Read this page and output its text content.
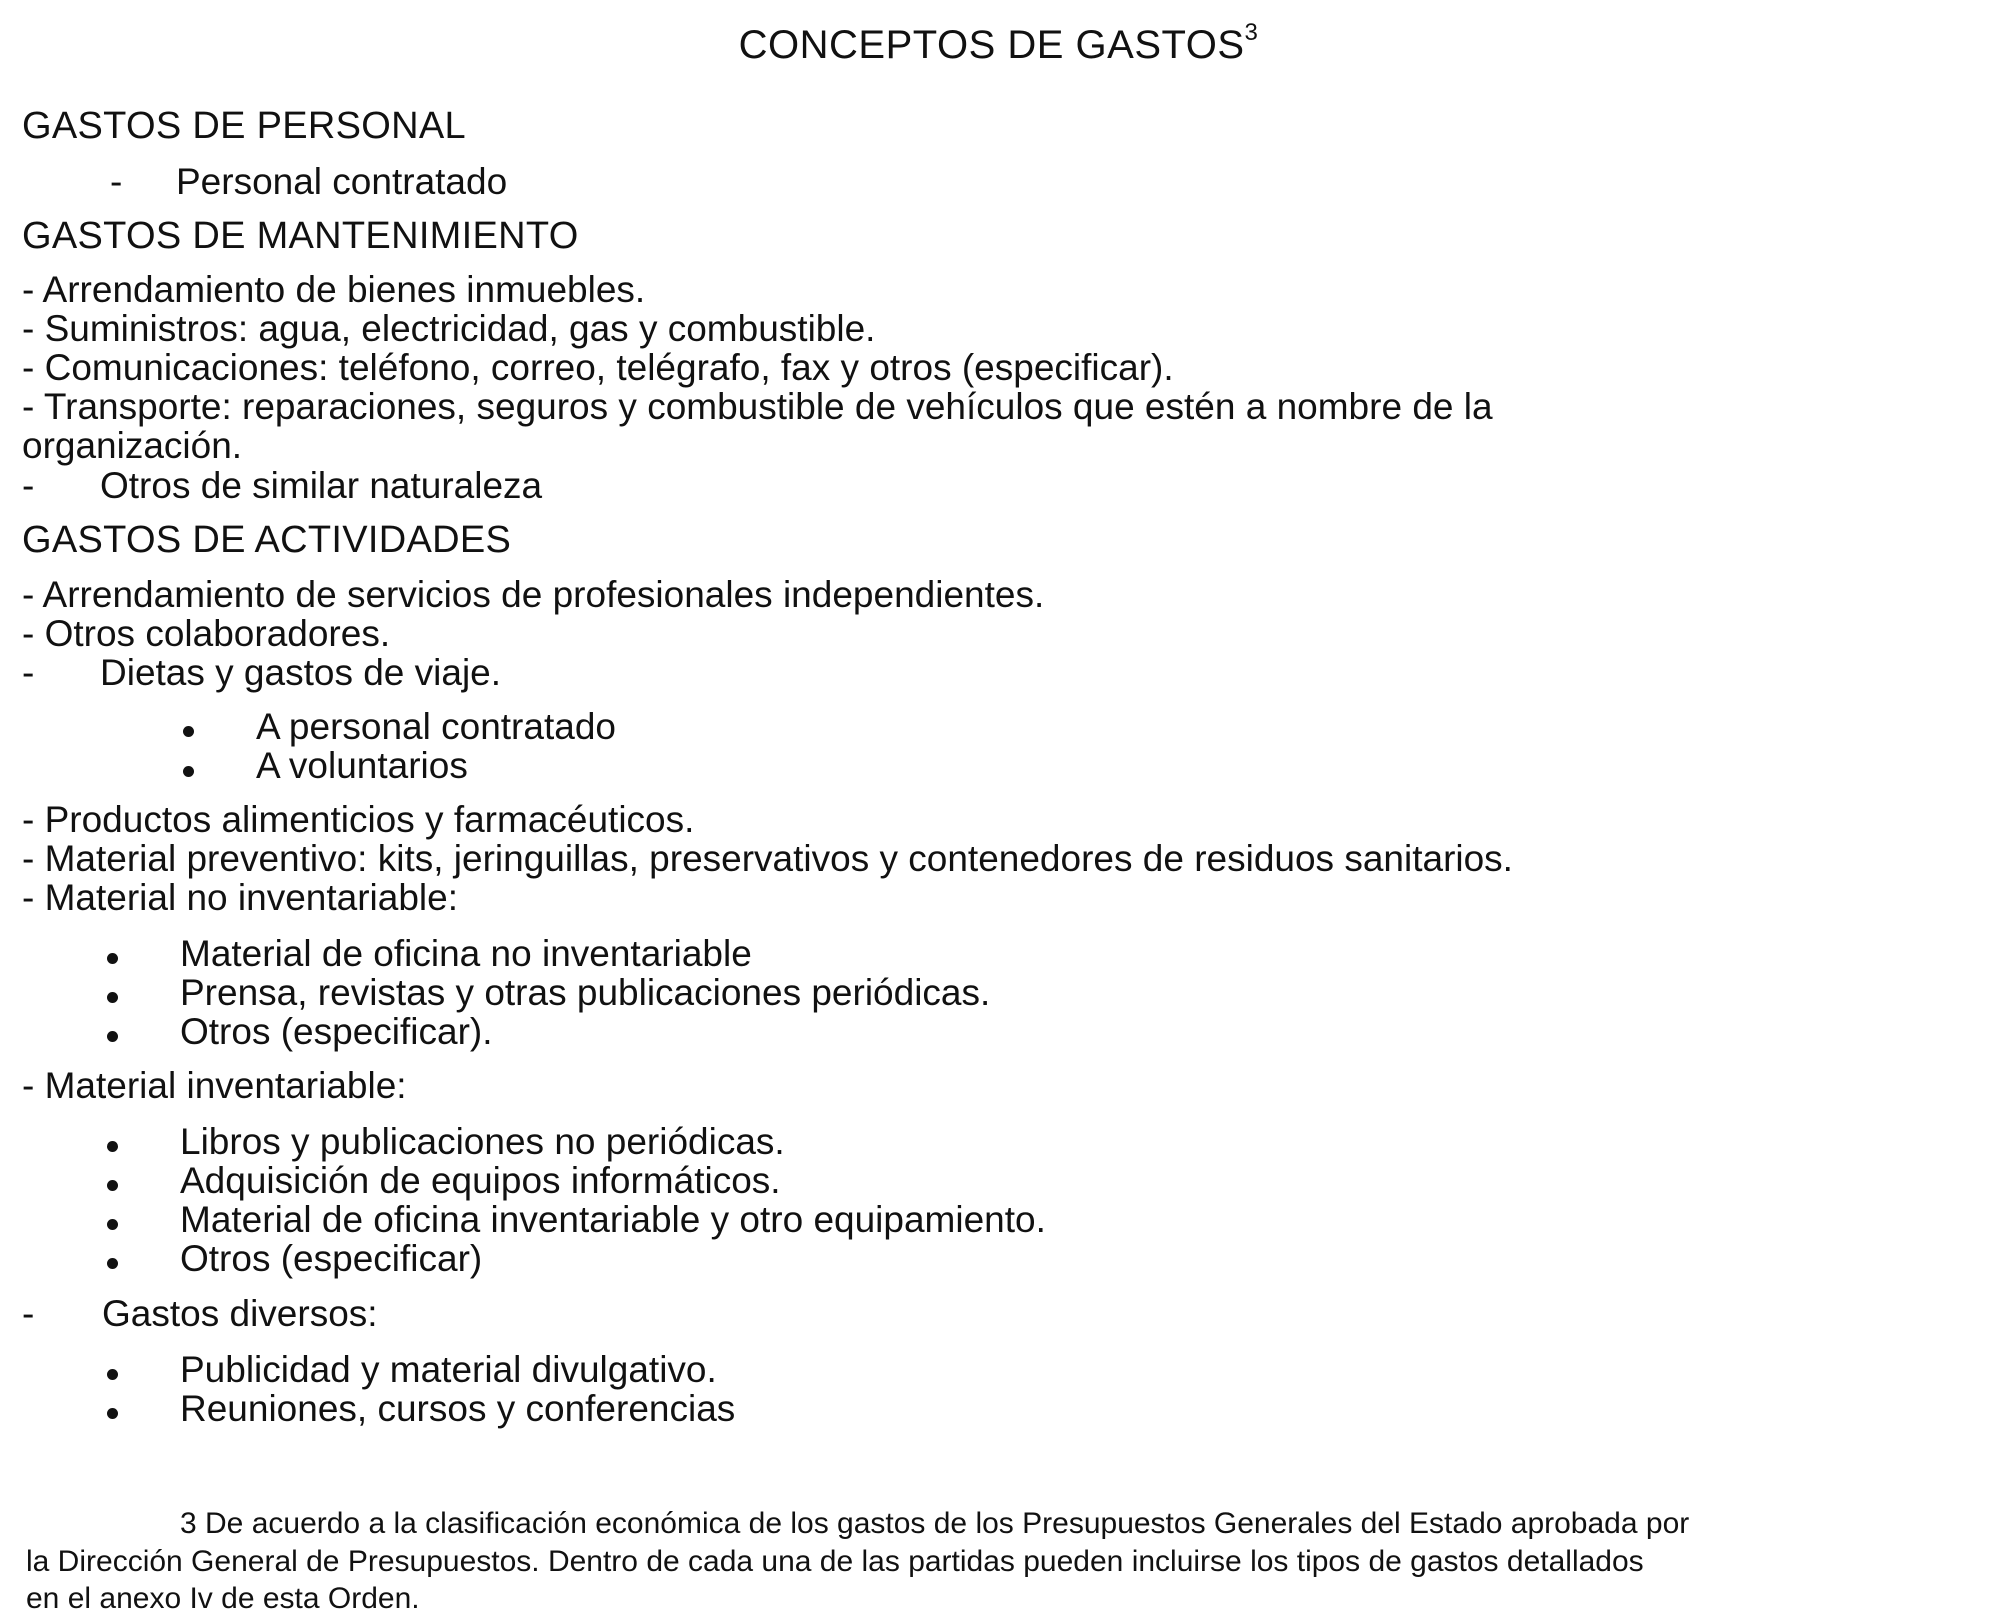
CONCEPTOS DE GASTOS$^3$
GASTOS DE PERSONAL
- Personal contratado
GASTOS DE MANTENIMIENTO
- Arrendamiento de bienes inmuebles.
- Suministros: agua, electricidad, gas y combustible.
- Comunicaciones: teléfono, correo, telégrafo, fax y otros (especificar).
- Transporte: reparaciones, seguros y combustible de vehículos que estén a nombre de la
organización.
- Otros de similar naturaleza
GASTOS DE ACTIVIDADES
- Arrendamiento de servicios de profesionales independientes.
- Otros colaboradores.
- Dietas y gastos de viaje.
A personal contratado
A voluntarios
- Productos alimenticios y farmacéuticos.
- Material preventivo: kits, jeringuillas, preservativos y contenedores de residuos sanitarios.
- Material no inventariable:
Material de oficina no inventariable
Prensa, revistas y otras publicaciones periódicas.
Otros (especificar).
- Material inventariable:
Libros y publicaciones no periódicas.
Adquisición de equipos informáticos.
Material de oficina inventariable y otro equipamiento.
Otros (especificar)
- Gastos diversos:
Publicidad y material divulgativo.
Reuniones, cursos y conferencias
3 De acuerdo a la clasificación económica de los gastos de los Presupuestos Generales del Estado aprobada por
la Dirección General de Presupuestos. Dentro de cada una de las partidas pueden incluirse los tipos de gastos detallados
en el anexo Iv de esta Orden.
